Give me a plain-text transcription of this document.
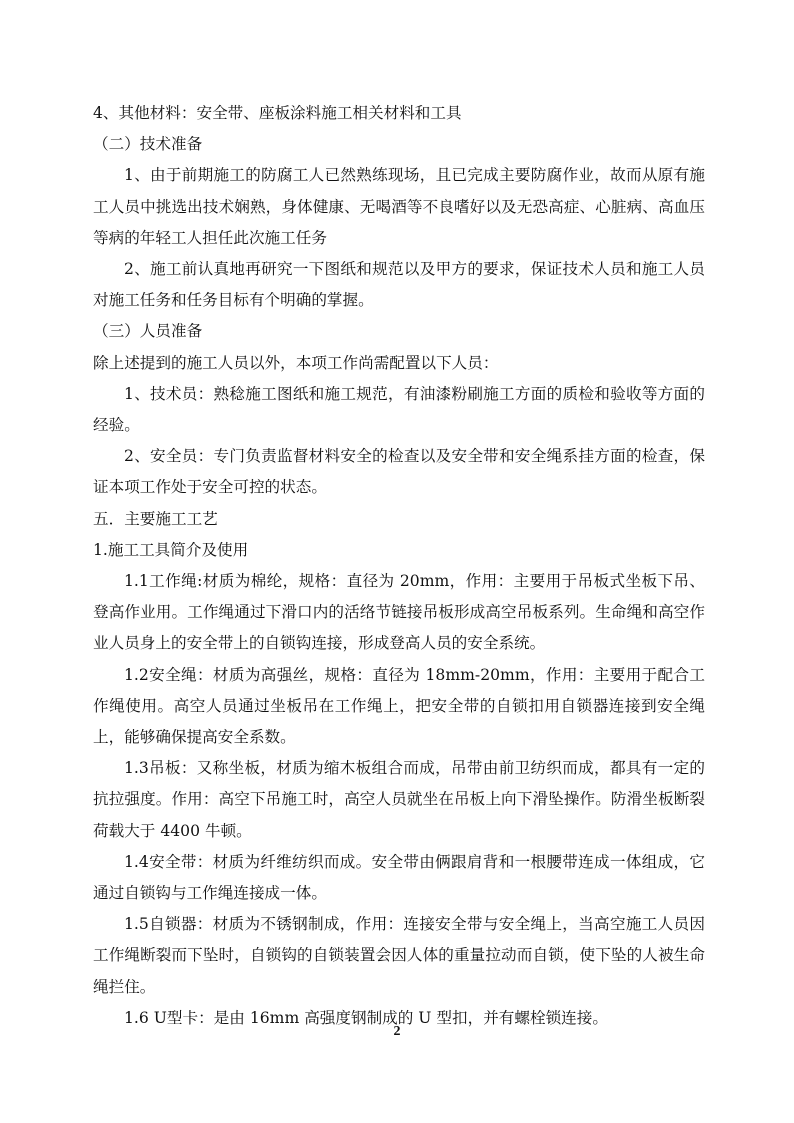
4、其他材料：安全带、座板涂料施工相关材料和工具

（二）技术准备

1、由于前期施工的防腐工人已然熟练现场，且已完成主要防腐作业，故而从原有施工人员中挑选出技术娴熟，身体健康、无喝酒等不良嗜好以及无恐高症、心脏病、高血压等病的年轻工人担任此次施工任务

2、施工前认真地再研究一下图纸和规范以及甲方的要求，保证技术人员和施工人员对施工任务和任务目标有个明确的掌握。

（三）人员准备

除上述提到的施工人员以外，本项工作尚需配置以下人员：

1、技术员：熟稔施工图纸和施工规范，有油漆粉刷施工方面的质检和验收等方面的经验。

2、安全员：专门负责监督材料安全的检查以及安全带和安全绳系挂方面的检查，保证本项工作处于安全可控的状态。

五．主要施工工艺

1.施工工具简介及使用

1.1工作绳:材质为棉纶，规格：直径为 20mm，作用：主要用于吊板式坐板下吊、登高作业用。工作绳通过下滑口内的活络节链接吊板形成高空吊板系列。生命绳和高空作业人员身上的安全带上的自锁钩连接，形成登高人员的安全系统。

1.2安全绳：材质为高强丝，规格：直径为 18mm-20mm，作用：主要用于配合工作绳使用。高空人员通过坐板吊在工作绳上，把安全带的自锁扣用自锁器连接到安全绳上，能够确保提高安全系数。

1.3吊板：又称坐板，材质为缩木板组合而成，吊带由前卫纺织而成，都具有一定的抗拉强度。作用：高空下吊施工时，高空人员就坐在吊板上向下滑坠操作。防滑坐板断裂荷载大于 4400 牛顿。

1.4安全带：材质为纤维纺织而成。安全带由俩跟肩背和一根腰带连成一体组成，它通过自锁钩与工作绳连接成一体。

1.5自锁器：材质为不锈钢制成，作用：连接安全带与安全绳上，当高空施工人员因工作绳断裂而下坠时，自锁钩的自锁装置会因人体的重量拉动而自锁，使下坠的人被生命绳拦住。

1.6 U型卡：是由 16mm 高强度钢制成的 U 型扣，并有螺栓锁连接。

2
